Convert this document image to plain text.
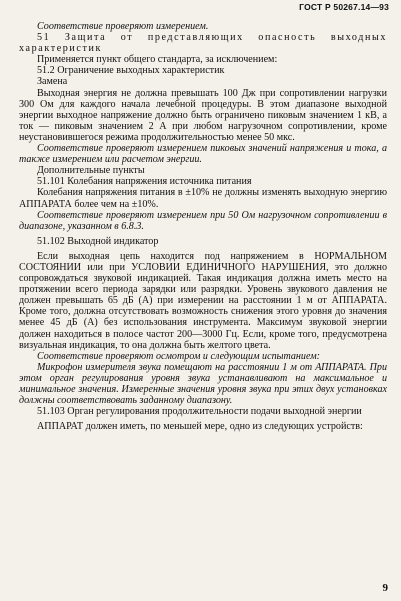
ГОСТ Р 50267.14—93

Соответствие проверяют измерением.

51 Защита от представляющих опасность выходных характеристик

Применяется пункт общего стандарта, за исключением:

51.2 Ограничение выходных характеристик

Замена

Выходная энергия не должна превышать 100 Дж при сопротивлении нагрузки 300 Ом для каждого начала лечебной процедуры. В этом диапазоне выходной энергии выходное напряжение должно быть ограничено пиковым значением 1 кВ, а ток — пиковым значением 2 А при любом нагрузочном сопротивлении, кроме неустановившегося режима продолжительностью менее 50 мкс.

Соответствие проверяют измерением пиковых значений напряжения и тока, а также измерением или расчетом энергии.

Дополнительные пункты

51.101 Колебания напряжения источника питания

Колебания напряжения питания в ±10% не должны изменять выходную энергию АППАРАТА более чем на ±10%.

Соответствие проверяют измерением при 50 Ом нагрузочном сопротивлении в диапазоне, указанном в 6.8.3.

51.102 Выходной индикатор

Если выходная цепь находится под напряжением в НОРМАЛЬНОМ СОСТОЯНИИ или при УСЛОВИИ ЕДИНИЧНОГО НАРУШЕНИЯ, это должно сопровождаться звуковой индикацией. Такая индикация должна иметь место на протяжении всего периода зарядки или разрядки. Уровень звукового давления не должен превышать 65 дБ (А) при измерении на расстоянии 1 м от АППАРАТА. Кроме того, должна отсутствовать возможность снижения этого уровня до значения менее 45 дБ (А) без использования инструмента. Максимум звуковой энергии должен находиться в полосе частот 200—3000 Гц. Если, кроме того, предусмотрена визуальная индикация, то она должна быть желтого цвета.

Соответствие проверяют осмотром и следующим испытанием:

Микрофон измерителя звука помещают на расстоянии 1 м от АППАРАТА. При этом орган регулирования уровня звука устанавливают на максимальное и минимальное значения. Измеренные значения уровня звука при этих двух установках должны соответствовать заданному диапазону.

51.103 Орган регулирования продолжительности подачи выходной энергии

АППАРАТ должен иметь, по меньшей мере, одно из следующих устройств:

9
